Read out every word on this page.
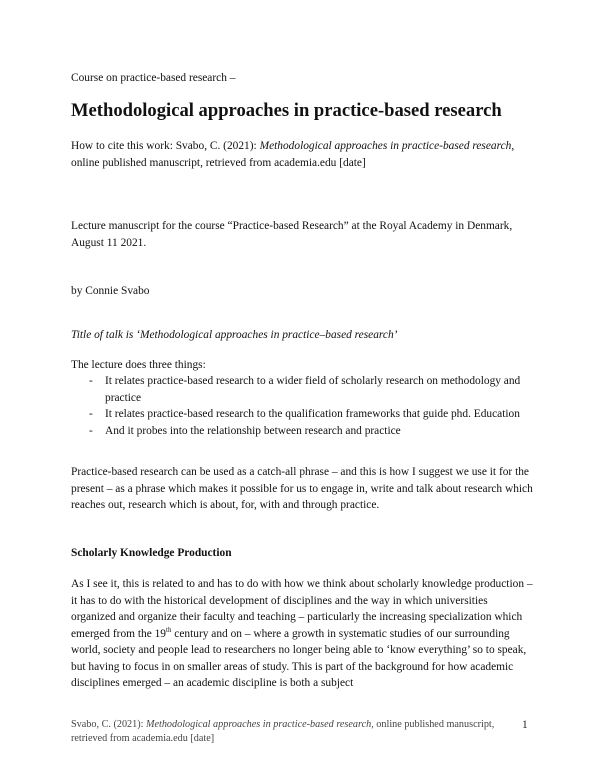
Course on practice-based research –
Methodological approaches in practice-based research
How to cite this work: Svabo, C. (2021): Methodological approaches in practice-based research, online published manuscript, retrieved from academia.edu [date]
Lecture manuscript for the course “Practice-based Research” at the Royal Academy in Denmark, August 11 2021.
by Connie Svabo
Title of talk is ‘Methodological approaches in practice–based research’
The lecture does three things:
- It relates practice-based research to a wider field of scholarly research on methodology and practice
- It relates practice-based research to the qualification frameworks that guide phd. Education
- And it probes into the relationship between research and practice
Practice-based research can be used as a catch-all phrase – and this is how I suggest we use it for the present – as a phrase which makes it possible for us to engage in, write and talk about research which reaches out, research which is about, for, with and through practice.
Scholarly Knowledge Production
As I see it, this is related to and has to do with how we think about scholarly knowledge production – it has to do with the historical development of disciplines and the way in which universities organized and organize their faculty and teaching – particularly the increasing specialization which emerged from the 19th century and on – where a growth in systematic studies of our surrounding world, society and people lead to researchers no longer being able to ‘know everything’ so to speak, but having to focus in on smaller areas of study. This is part of the background for how academic disciplines emerged – an academic discipline is both a subject
Svabo, C. (2021): Methodological approaches in practice-based research, online published manuscript, retrieved from academia.edu [date]
1
